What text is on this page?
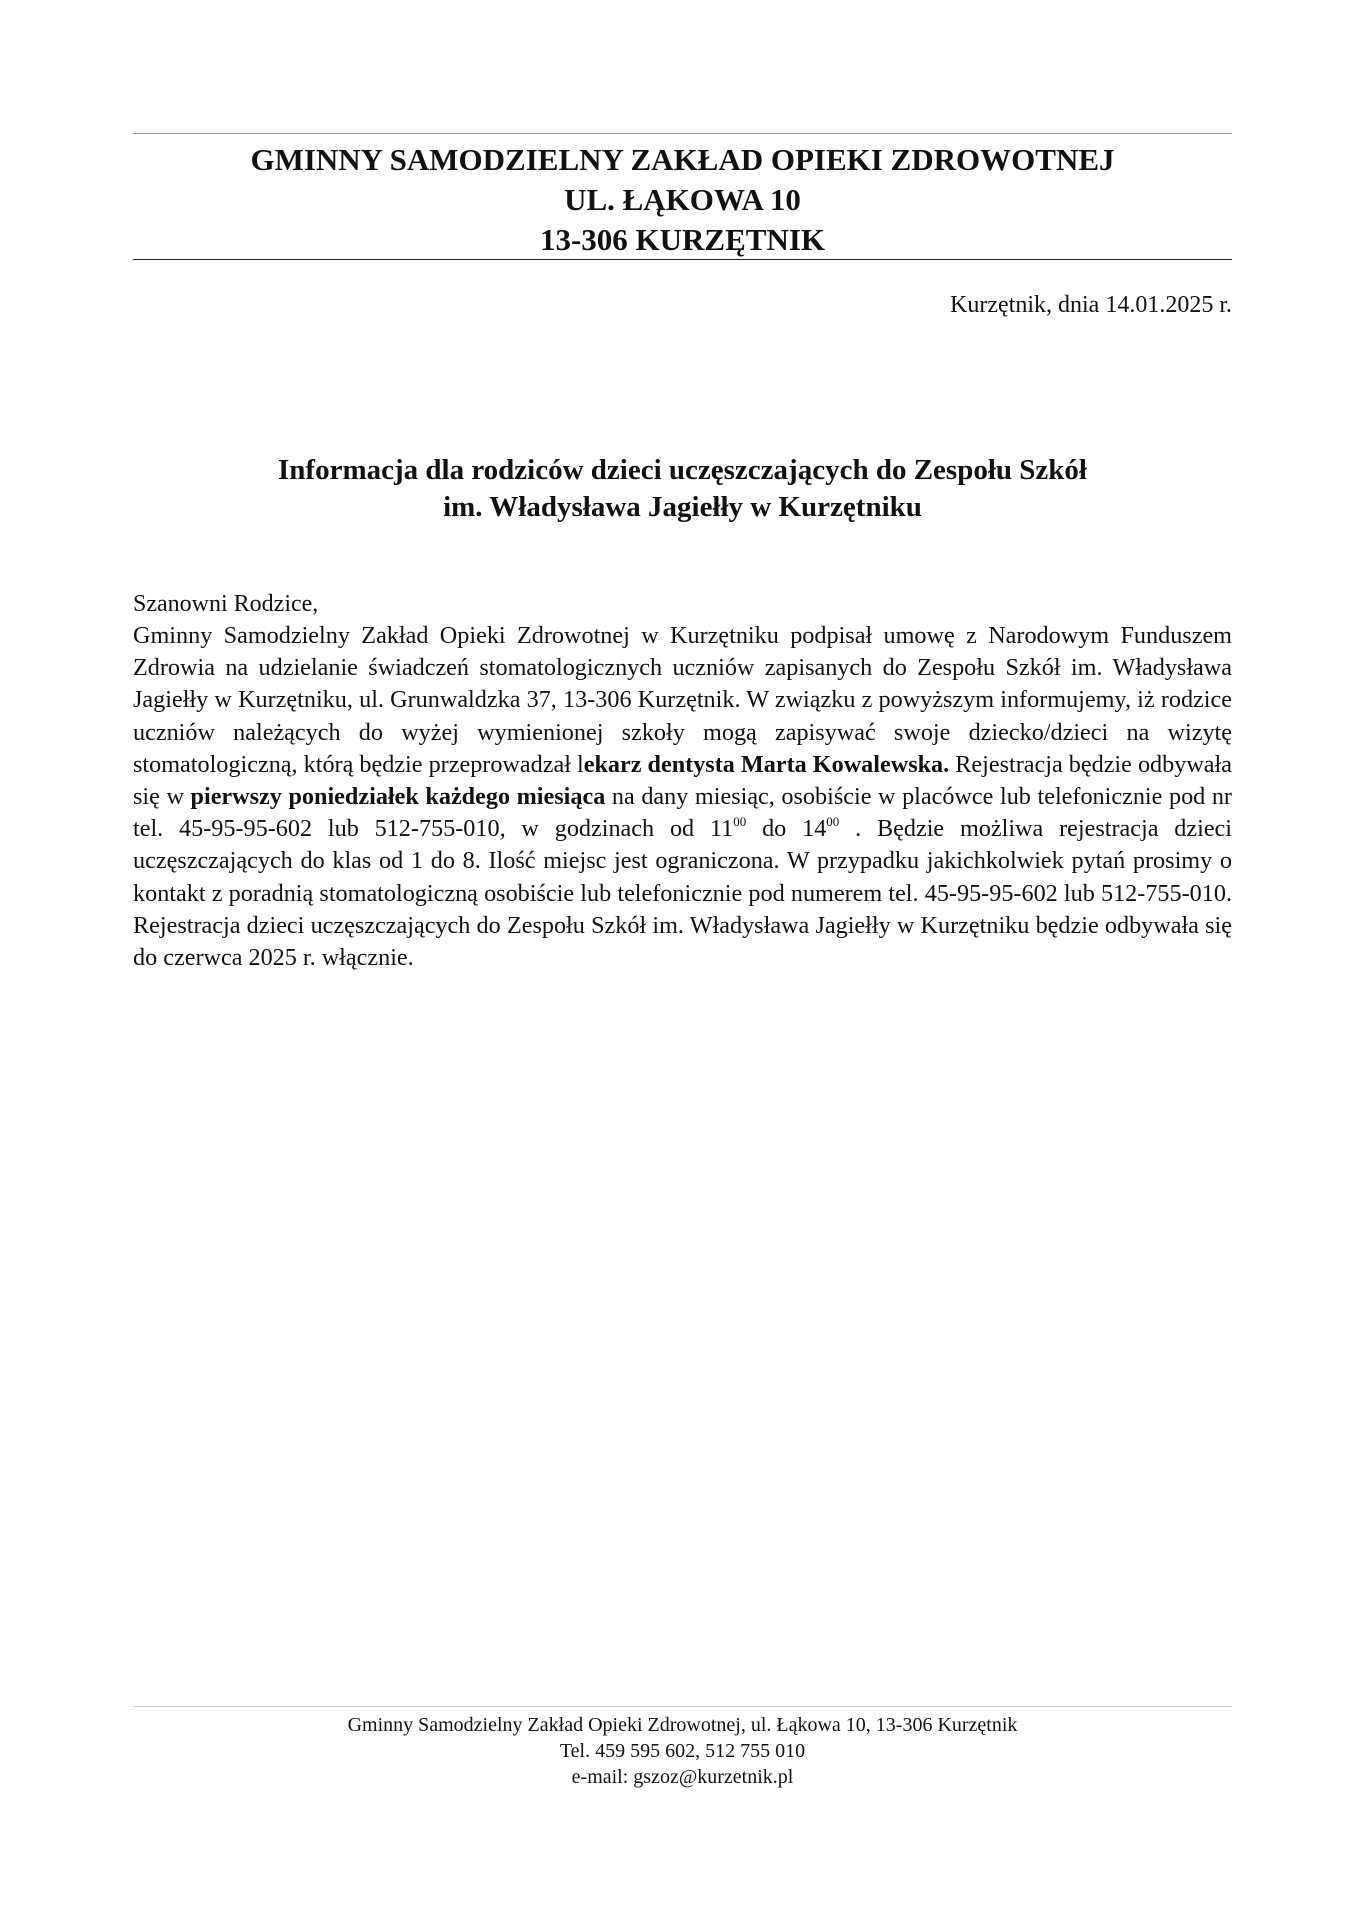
GMINNY SAMODZIELNY ZAKŁAD OPIEKI ZDROWOTNEJ
UL. ŁĄKOWA 10
13-306 KURZĘTNIK
Kurzętnik, dnia 14.01.2025 r.
Informacja dla rodziców dzieci uczęszczających do Zespołu Szkół
im. Władysława Jagiełły w Kurzętniku
Szanowni Rodzice,
Gminny Samodzielny Zakład Opieki Zdrowotnej w Kurzętniku podpisał umowę z Narodowym Funduszem Zdrowia na udzielanie świadczeń stomatologicznych uczniów zapisanych do Zespołu Szkół im. Władysława Jagiełły w Kurzętniku, ul. Grunwaldzka 37, 13-306 Kurzętnik. W związku z powyższym informujemy, iż rodzice uczniów należących do wyżej wymienionej szkoły mogą zapisywać swoje dziecko/dzieci na wizytę stomatologiczną, którą będzie przeprowadzał lekarz dentysta Marta Kowalewska. Rejestracja będzie odbywała się w pierwszy poniedziałek każdego miesiąca na dany miesiąc, osobiście w placówce lub telefonicznie pod nr tel. 45-95-95-602 lub 512-755-010, w godzinach od $11^{00}$ do $14^{00}$ . Będzie możliwa rejestracja dzieci uczęszczających do klas od 1 do 8. Ilość miejsc jest ograniczona. W przypadku jakichkolwiek pytań prosimy o kontakt z poradnią stomatologiczną osobiście lub telefonicznie pod numerem tel. 45-95-95-602 lub 512-755-010. Rejestracja dzieci uczęszczających do Zespołu Szkół im. Władysława Jagiełły w Kurzętniku będzie odbywała się do czerwca 2025 r. włącznie.
Gminny Samodzielny Zakład Opieki Zdrowotnej, ul. Łąkowa 10, 13-306 Kurzętnik
Tel. 459 595 602, 512 755 010
e-mail: gszoz@kurzetnik.pl
